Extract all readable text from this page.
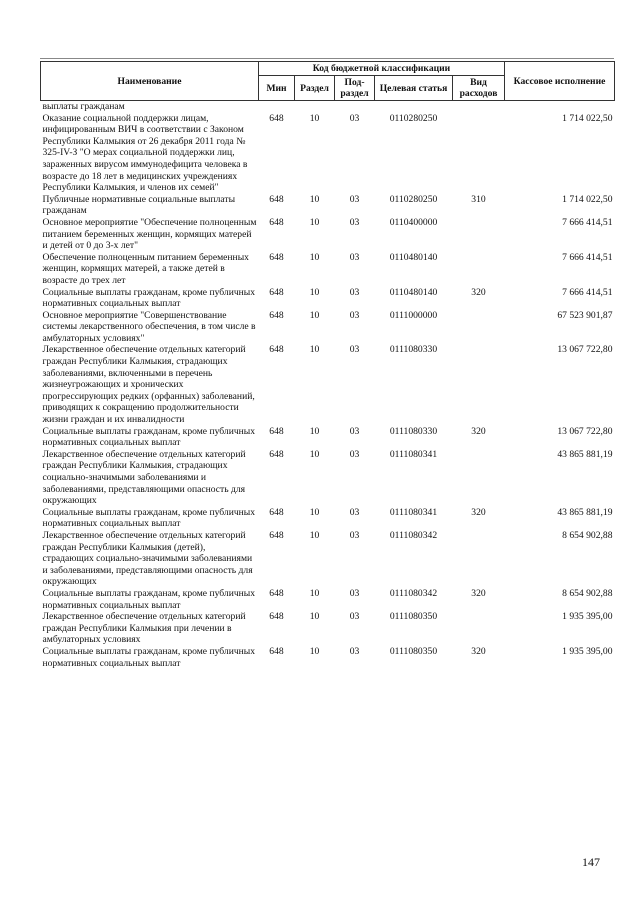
Наименование	Код бюджетной классификации					Кассовое исполнение
	Мин	Раздел	Под-раздел	Целевая статья	Вид расходов	
выплаты гражданам						
Оказание социальной поддержки лицам, инфицированным ВИЧ в соответствии с Законом Республики Калмыкия от 26 декабря 2011 года № 325-IV-З "О мерах социальной поддержки лиц, зараженных вирусом иммунодефицита человека в возрасте до 18 лет в медицинских учреждениях Республики Калмыкия, и членов их семей"	648	10	03	0110280250		1 714 022,50
Публичные нормативные социальные выплаты гражданам	648	10	03	0110280250	310	1 714 022,50
Основное мероприятие "Обеспечение полноценным питанием беременных женщин, кормящих матерей и детей от 0 до 3-х лет"	648	10	03	0110400000		7 666 414,51
Обеспечение полноценным питанием беременных женщин, кормящих матерей, а также детей в возрасте до трех лет	648	10	03	0110480140		7 666 414,51
Социальные выплаты гражданам, кроме публичных нормативных социальных выплат	648	10	03	0110480140	320	7 666 414,51
Основное мероприятие "Совершенствование системы лекарственного обеспечения, в том числе в амбулаторных условиях"	648	10	03	0111000000		67 523 901,87
Лекарственное обеспечение отдельных категорий граждан Республики Калмыкия, страдающих заболеваниями, включенными в перечень жизнеугрожающих и хронических прогрессирующих редких (орфанных) заболеваний, приводящих к сокращению продолжительности жизни граждан и их инвалидности	648	10	03	0111080330		13 067 722,80
Социальные выплаты гражданам, кроме публичных нормативных социальных выплат	648	10	03	0111080330	320	13 067 722,80
Лекарственное обеспечение отдельных категорий граждан Республики Калмыкия, страдающих социально-значимыми заболеваниями и заболеваниями, представляющими опасность для окружающих	648	10	03	0111080341		43 865 881,19
Социальные выплаты гражданам, кроме публичных нормативных социальных выплат	648	10	03	0111080341	320	43 865 881,19
Лекарственное обеспечение отдельных категорий граждан Республики Калмыкия (детей), страдающих социально-значимыми заболеваниями и заболеваниями, представляющими опасность для окружающих	648	10	03	0111080342		8 654 902,88
Социальные выплаты гражданам, кроме публичных нормативных социальных выплат	648	10	03	0111080342	320	8 654 902,88
Лекарственное обеспечение отдельных категорий граждан Республики Калмыкия при лечении в амбулаторных условиях	648	10	03	0111080350		1 935 395,00
Социальные выплаты гражданам, кроме публичных нормативных социальных выплат	648	10	03	0111080350	320	1 935 395,00
147
